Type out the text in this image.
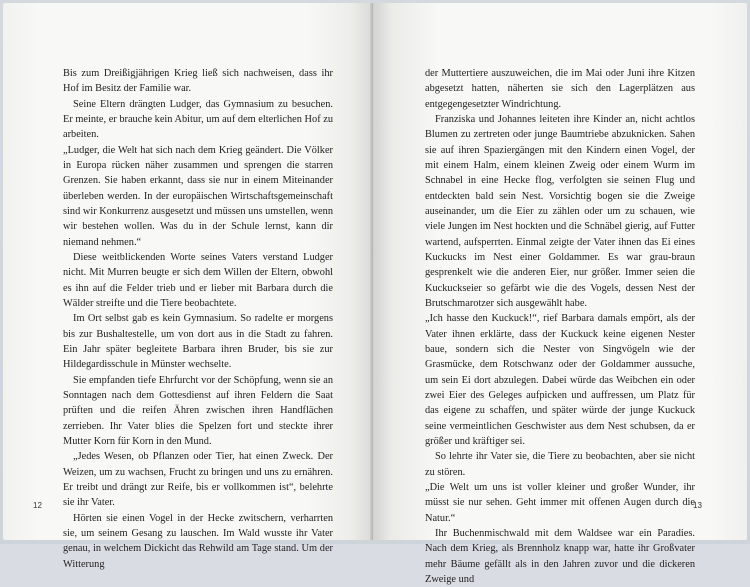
Bis zum Dreißigjährigen Krieg ließ sich nachweisen, dass ihr Hof im Besitz der Familie war.

Seine Eltern drängten Ludger, das Gymnasium zu besuchen. Er meinte, er brauche kein Abitur, um auf dem elterlichen Hof zu arbeiten.

„Ludger, die Welt hat sich nach dem Krieg geändert. Die Völker in Europa rücken näher zusammen und sprengen die starren Grenzen. Sie haben erkannt, dass sie nur in einem Miteinander überleben werden. In der europäischen Wirtschaftsgemeinschaft sind wir Konkurrenz ausgesetzt und müssen uns umstellen, wenn wir bestehen wollen. Was du in der Schule lernst, kann dir niemand nehmen.“

Diese weitblickenden Worte seines Vaters verstand Ludger nicht. Mit Murren beugte er sich dem Willen der Eltern, obwohl es ihn auf die Felder trieb und er lieber mit Barbara durch die Wälder streifte und die Tiere beobachtete.

Im Ort selbst gab es kein Gymnasium. So radelte er morgens bis zur Bushaltestelle, um von dort aus in die Stadt zu fahren. Ein Jahr später begleitete Barbara ihren Bruder, bis sie zur Hildegardisschule in Münster wechselte.

Sie empfanden tiefe Ehrfurcht vor der Schöpfung, wenn sie an Sonntagen nach dem Gottesdienst auf ihren Feldern die Saat prüften und die reifen Ähren zwischen ihren Handflächen zerrieben. Ihr Vater blies die Spelzen fort und steckte ihrer Mutter Korn für Korn in den Mund.

„Jedes Wesen, ob Pflanzen oder Tier, hat einen Zweck. Der Weizen, um zu wachsen, Frucht zu bringen und uns zu ernähren. Er treibt und drängt zur Reife, bis er vollkommen ist“, belehrte sie ihr Vater.

Hörten sie einen Vogel in der Hecke zwitschern, verharrten sie, um seinem Gesang zu lauschen. Im Wald wusste ihr Vater genau, in welchem Dickicht das Rehwild am Tage stand. Um der Witterung

12

der Muttertiere auszuweichen, die im Mai oder Juni ihre Kitzen abgesetzt hatten, näherten sie sich den Lagerplätzen aus entgegengesetzter Windrichtung.

Franziska und Johannes leiteten ihre Kinder an, nicht achtlos Blumen zu zertreten oder junge Baumtriebe abzuknicken. Sahen sie auf ihren Spaziergängen mit den Kindern einen Vogel, der mit einem Halm, einem kleinen Zweig oder einem Wurm im Schnabel in eine Hecke flog, verfolgten sie seinen Flug und entdeckten bald sein Nest. Vorsichtig bogen sie die Zweige auseinander, um die Eier zu zählen oder um zu schauen, wie viele Jungen im Nest hockten und die Schnäbel gierig, auf Futter wartend, aufsperrten. Einmal zeigte der Vater ihnen das Ei eines Kuckucks im Nest einer Goldammer. Es war grau-braun gesprenkelt wie die anderen Eier, nur größer. Immer seien die Kuckuckseier so gefärbt wie die des Vogels, dessen Nest der Brutschmarotzer sich ausgewählt habe.

„Ich hasse den Kuckuck!“, rief Barbara damals empört, als der Vater ihnen erklärte, dass der Kuckuck keine eigenen Nester baue, sondern sich die Nester von Singvögeln wie der Grasmücke, dem Rotschwanz oder der Goldammer aussuche, um sein Ei dort abzulegen. Dabei würde das Weibchen ein oder zwei Eier des Geleges aufpicken und auffressen, um Platz für das eigene zu schaffen, und später würde der junge Kuckuck seine vermeintlichen Geschwister aus dem Nest schubsen, da er größer und kräftiger sei.

So lehrte ihr Vater sie, die Tiere zu beobachten, aber sie nicht zu stören.

„Die Welt um uns ist voller kleiner und großer Wunder, ihr müsst sie nur sehen. Geht immer mit offenen Augen durch die Natur.“

Ihr Buchenmischwald mit dem Waldsee war ein Paradies. Nach dem Krieg, als Brennholz knapp war, hatte ihr Großvater mehr Bäume gefällt als in den Jahren zuvor und die dickeren Zweige und

13
